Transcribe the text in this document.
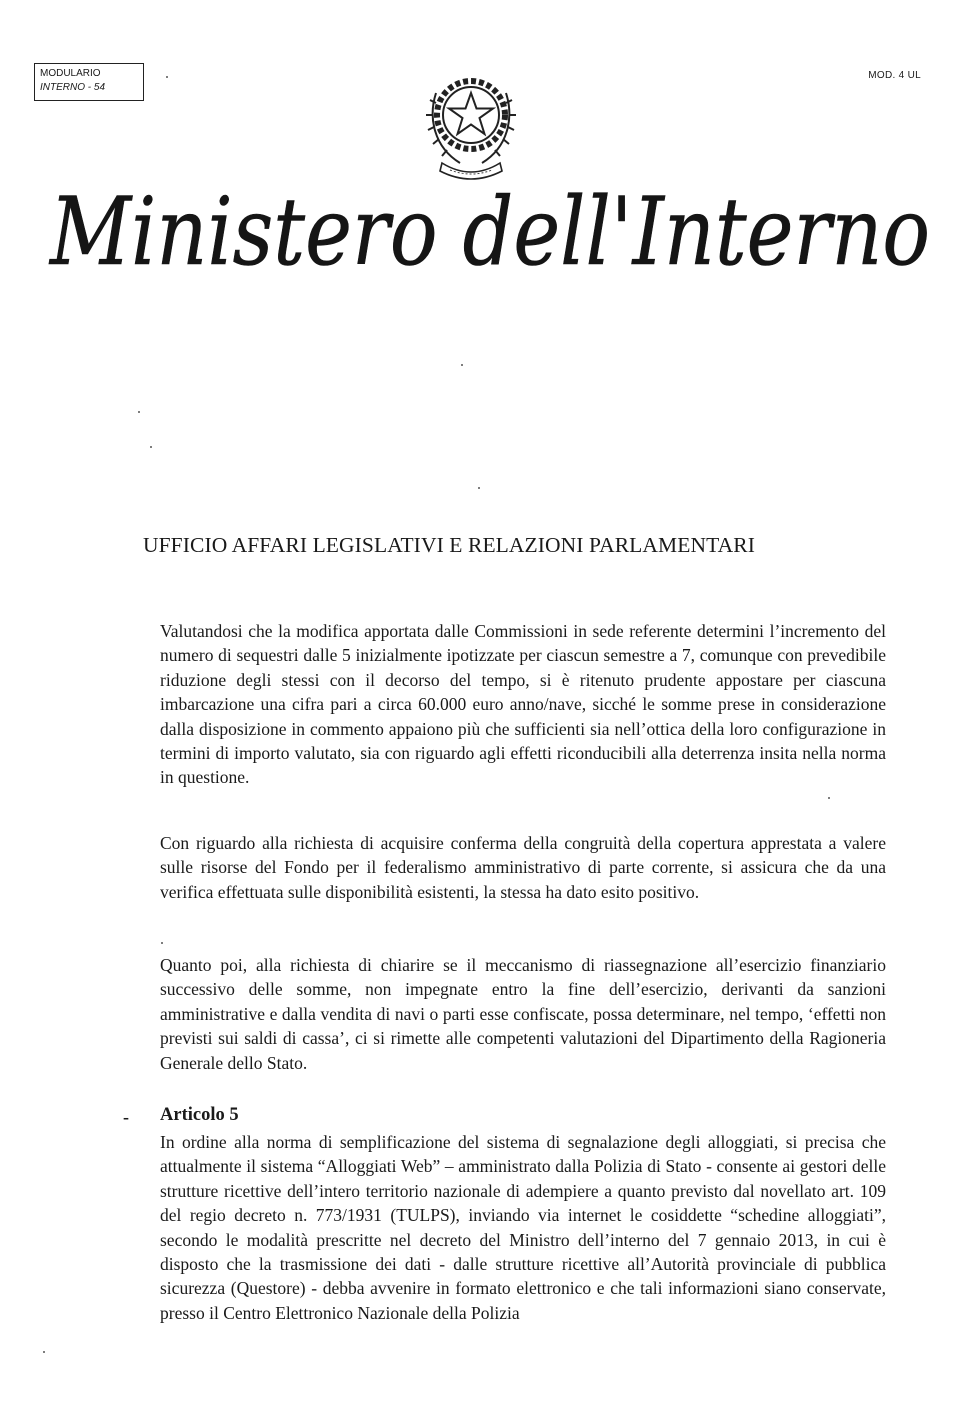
MODULARIO
INTERNO - 54
MOD. 4 UL
Ministero dell'Interno
UFFICIO AFFARI LEGISLATIVI E RELAZIONI PARLAMENTARI

Valutandosi che la modifica apportata dalle Commissioni in sede referente determini l’incremento del numero di sequestri dalle 5 inizialmente ipotizzate per ciascun semestre a 7, comunque con prevedibile riduzione degli stessi con il decorso del tempo, si è ritenuto prudente appostare per ciascuna imbarcazione una cifra pari a circa 60.000 euro anno/nave, sicché le somme prese in considerazione dalla disposizione in commento appaiono più che sufficienti sia nell’ottica della loro configurazione in termini di importo valutato, sia con riguardo agli effetti riconducibili alla deterrenza insita nella norma in questione.

Con riguardo alla richiesta di acquisire conferma della congruità della copertura apprestata a valere sulle risorse del Fondo per il federalismo amministrativo di parte corrente, si assicura che da una verifica effettuata sulle disponibilità esistenti, la stessa ha dato esito positivo.

Quanto poi, alla richiesta di chiarire se il meccanismo di riassegnazione all’esercizio finanziario successivo delle somme, non impegnate entro la fine dell’esercizio, derivanti da sanzioni amministrative e dalla vendita di navi o parti esse confiscate, possa determinare, nel tempo, ‘effetti non previsti sui saldi di cassa’, ci si rimette alle competenti valutazioni del Dipartimento della Ragioneria Generale dello Stato.

- Articolo 5

In ordine alla norma di semplificazione del sistema di segnalazione degli alloggiati, si precisa che attualmente il sistema “Alloggiati Web” – amministrato dalla Polizia di Stato - consente ai gestori delle strutture ricettive dell’intero territorio nazionale di adempiere a quanto previsto dal novellato art. 109 del regio decreto n. 773/1931 (TULPS), inviando via internet le cosiddette “schedine alloggiati”, secondo le modalità prescritte nel decreto del Ministro dell’interno del 7 gennaio 2013, in cui è disposto che la trasmissione dei dati - dalle strutture ricettive all’Autorità provinciale di pubblica sicurezza (Questore) - debba avvenire in formato elettronico e che tali informazioni siano conservate, presso il Centro Elettronico Nazionale della Polizia
